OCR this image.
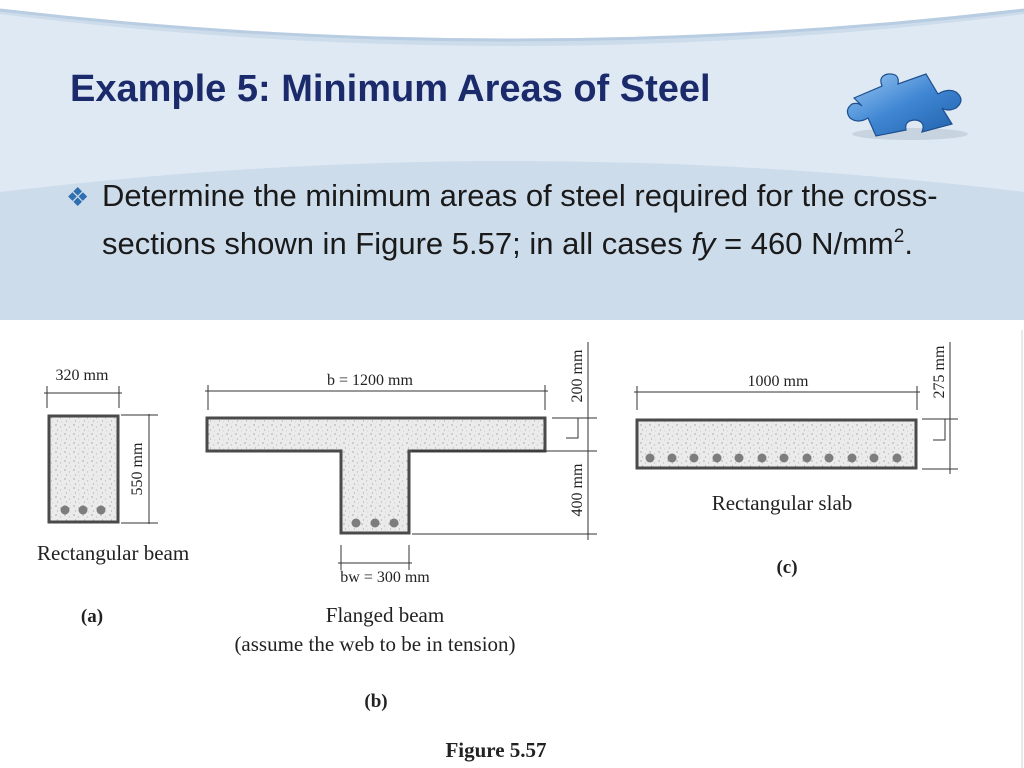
Example 5: Minimum Areas of Steel
❖ Determine the minimum areas of steel required for the cross-sections shown in Figure 5.57; in all cases fy = 460 $N/mm^2$.
320 mm
550 mm
Rectangular beam
(a)
b = 1200 mm	200 mm
400 mm
bw = 300 mm
Flanged beam
(assume the web to be in tension)
(b)
1000 mm	275 mm
Rectangular slab
(c)
Figure 5.57
